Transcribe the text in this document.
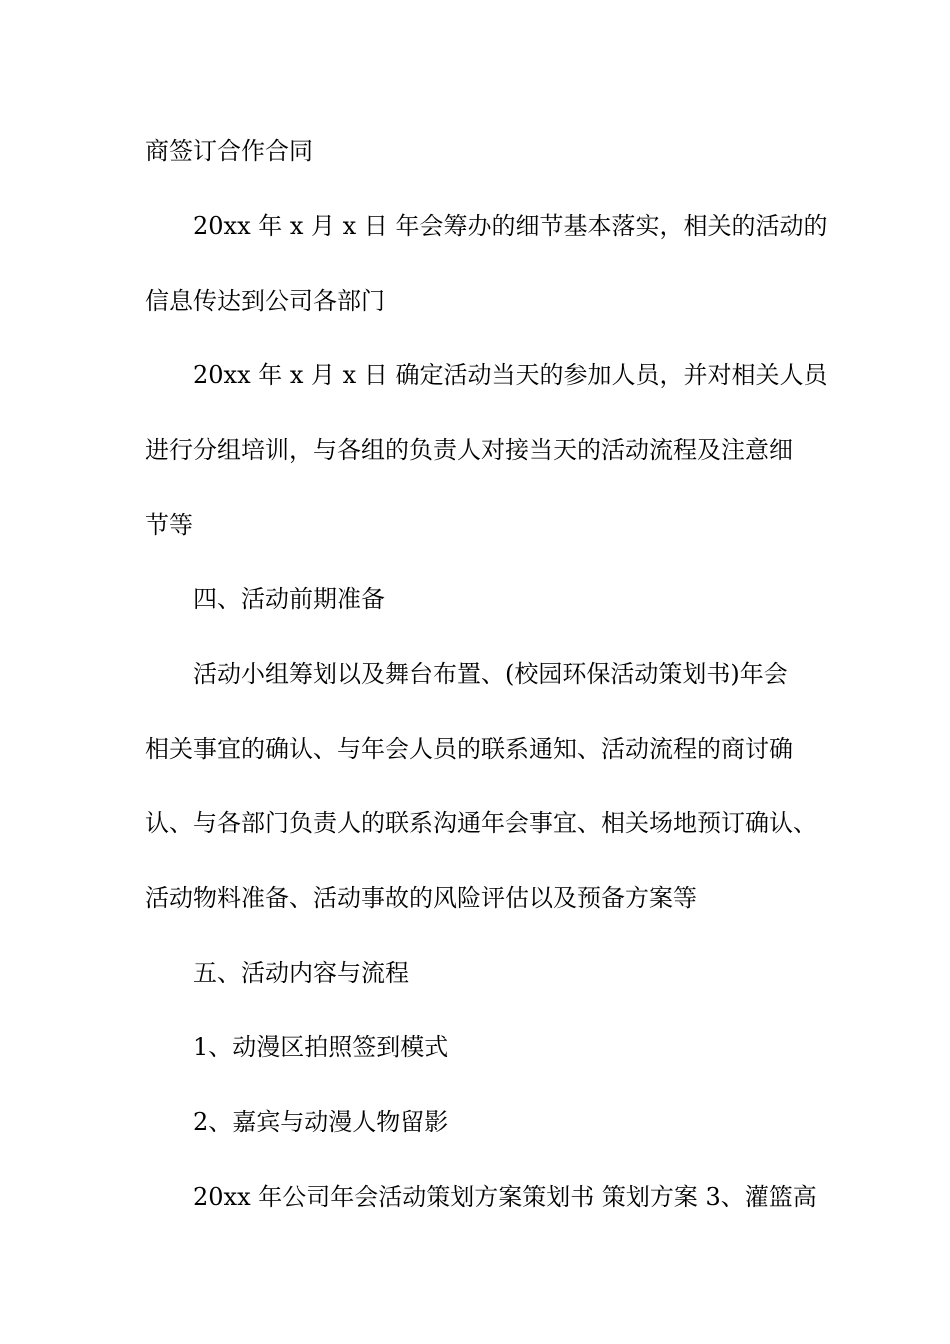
商签订合作合同
20xx 年 x 月 x 日 年会筹办的细节基本落实，相关的活动的
信息传达到公司各部门
20xx 年 x 月 x 日 确定活动当天的参加人员，并对相关人员
进行分组培训，与各组的负责人对接当天的活动流程及注意细
节等
四、活动前期准备
活动小组筹划以及舞台布置、(校园环保活动策划书)年会
相关事宜的确认、与年会人员的联系通知、活动流程的商讨确
认、与各部门负责人的联系沟通年会事宜、相关场地预订确认、
活动物料准备、活动事故的风险评估以及预备方案等
五、活动内容与流程
1、动漫区拍照签到模式
2、嘉宾与动漫人物留影
20xx 年公司年会活动策划方案策划书 策划方案 3、灌篮高
